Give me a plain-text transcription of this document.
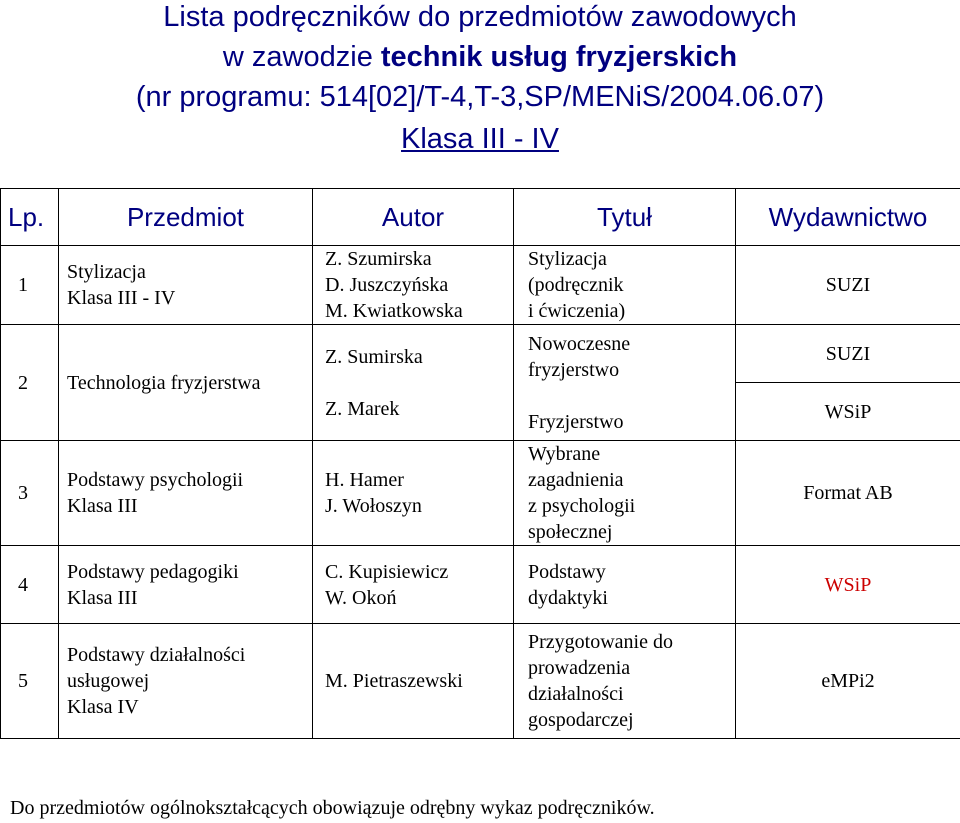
Lista podręczników do przedmiotów zawodowych
w zawodzie technik usług fryzjerskich
(nr programu: 514[02]/T-4,T-3,SP/MENiS/2004.06.07)
Klasa III - IV
Lp.	Przedmiot	Autor	Tytuł	Wydawnictwo
1	Stylizacja
Klasa III - IV	Z. Szumirska
D. Juszczyńska
M. Kwiatkowska	Stylizacja
(podręcznik
i ćwiczenia)	SUZI
2	Technologia fryzjerstwa	Z. Sumirska
Z. Marek	Nowoczesne
fryzjerstwo
Fryzjerstwo	SUZI
				WSiP
3	Podstawy psychologii
Klasa III	H. Hamer
J. Wołoszyn	Wybrane
zagadnienia
z psychologii
społecznej	Format AB
4	Podstawy pedagogiki
Klasa III	C. Kupisiewicz
W. Okoń	Podstawy
dydaktyki	WSiP
5	Podstawy działalności
usługowej
Klasa IV	M. Pietraszewski	Przygotowanie do
prowadzenia
działalności
gospodarczej	eMPi2
Do przedmiotów ogólnokształcących obowiązuje odrębny wykaz podręczników.
